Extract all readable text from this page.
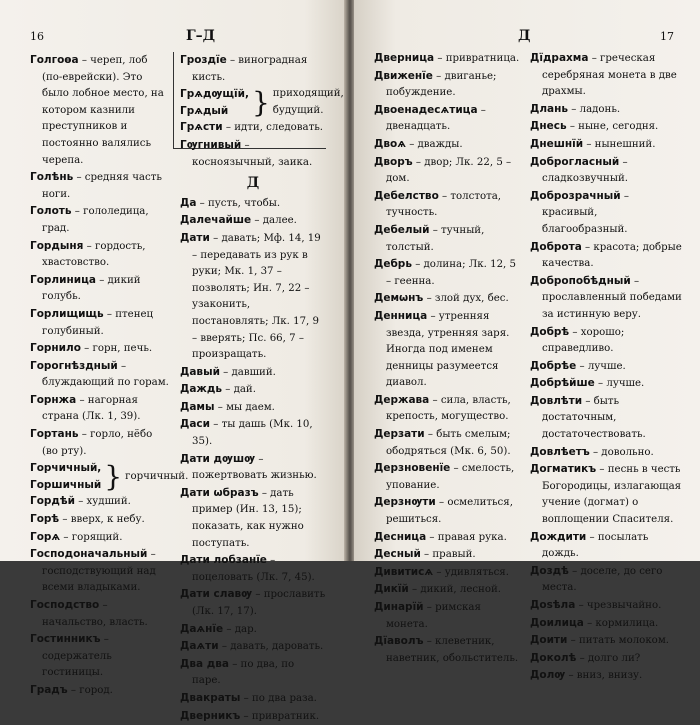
16	Г–Д

Голгоѳа – череп, лоб (по-еврейски). Это было лобное место, на котором казнили преступников и постоянно валялись черепа.

Голѣнь – средняя часть ноги.

Голоть – гололедица, град.

Гордыня – гордость, хвастовство.

Горлиница – дикий голубь.

Горлищищь – птенец голубиный.

Горнило – горн, печь.

Горогнѣздный – блуждающий по горам.

Горнжа – нагорная страна (Лк. 1, 39).

Гортань – горло, нёбо (во рту).

Горчичный,
Горшичный } горчичный.

Гордѣй – худший.

Горѣ – вверх, к небу.

Горѧ – горящий.

Господоначальный – господствующий над всеми владыками.

Господство – начальство, власть.

Гостинникъ – содержатель гостиницы.

Градъ – город.

Гроздїе – виноградная кисть.

Грѧдѹщїй,
Грѧдый } приходящий,
будущий.

Грѧсти – идти, следовать.

Гѹгнивый – косноязычный, заика.

Д

Да – пусть, чтобы.

Далечайше – далее.

Дати – давать; Мф. 14, 19 – передавать из рук в руки; Мк. 1, 37 – позволять; Ин. 7, 22 – узаконить, постановлять; Лк. 17, 9 – вверять; Пс. 66, 7 – произращать.

Давый – давший.

Даждь – дай.

Дамы – мы даем.

Даси – ты дашь (Мк. 10, 35).

Дати дѹшѹ – пожертвовать жизнью.

Дати ѡбразъ – дать пример (Ин. 13, 15); показать, как нужно поступать.

Дати лобзанїе – поцеловать (Лк. 7, 45).

Дати славѹ – прославить (Лк. 17, 17).

Даѧнїе – дар.

Даѧти – давать, даровать.

Два два – по два, по паре.

Двакраты – по два раза.

Дверникъ – привратник.

Д	17

Дверница – привратница.

Движенїе – двиганье; побуждение.

Двоенадесѧтица – двенадцать.

Двоѧ – дважды.

Дворъ – двор; Лк. 22, 5 – дом.

Дебелство – толстота, тучность.

Дебелый – тучный, толстый.

Дебрь – долина; Лк. 12, 5 – геенна.

Демѡнъ – злой дух, бес.

Денница – утренняя звезда, утренняя заря. Иногда под именем денницы разумеется диавол.

Держава – сила, власть, крепость, могущество.

Дерзати – быть смелым; ободряться (Мк. 6, 50).

Дерзновенїе – смелость, упование.

Дерзнѹти – осмелиться, решиться.

Десница – правая рука.

Десный – правый.

Дивитисѧ – удивляться.

Дикїй – дикий, лесной.

Динарїй – римская монета.

Дїаволъ – клеветник, наветник, обольститель.

Дїдрахма – греческая серебряная монета в две драхмы.

Длань – ладонь.

Днесь – ныне, сегодня.

Днешнїй – нынешний.

Доброгласный – сладкозвучный.

Доброзрачный – красивый, благообразный.

Доброта – красота; добрые качества.

Добропобѣдный – прославленный победами за истинную веру.

Добрѣ – хорошо; справедливо.

Добрѣе – лучше.

Добрѣйше – лучше.

Довлѣти – быть достаточным, достаточествовать.

Довлѣетъ – довольно.

Догматикъ – песнь в честь Богородицы, излагающая учение (догмат) о воплощении Спасителя.

Дождити – посылать дождь.

Доздѣ – доселе, до сего места.

Доѕѣла – чрезвычайно.

Доилица – кормилица.

Доити – питать молоком.

Доколѣ – долго ли?

Долѹ – вниз, внизу.
